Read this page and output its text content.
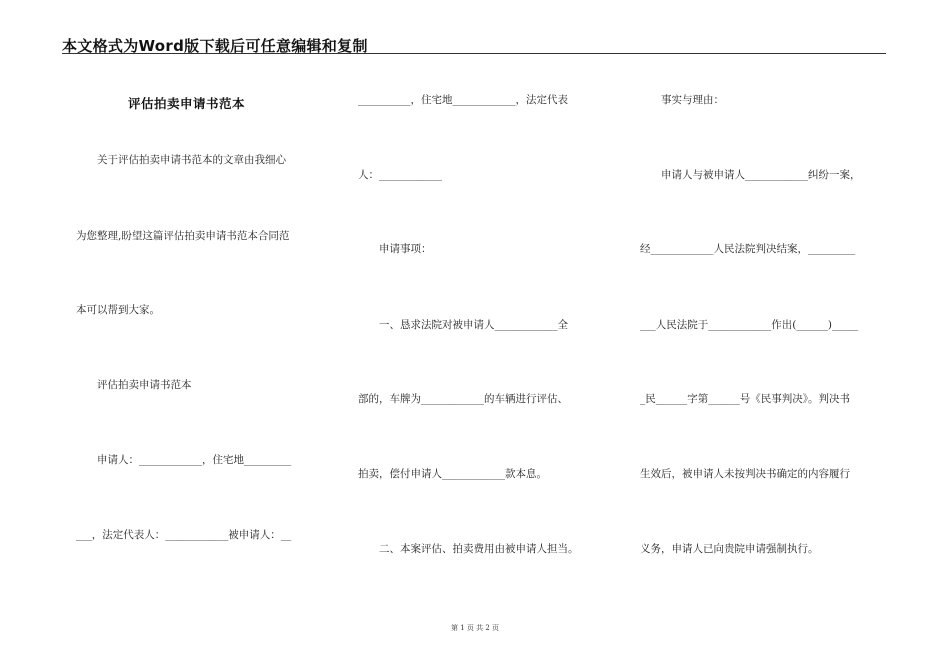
本文格式为Word版下载后可任意编辑和复制
评估拍卖申请书范本
　　关于评估拍卖申请书范本的文章由我细心
为您整理,盼望这篇评估拍卖申请书范本合同范
本可以帮到大家。
　　评估拍卖申请书范本
　　申请人：____________，住宅地_________
___，法定代表人：____________被申请人：__
__________，住宅地____________，法定代表
人：____________
　　申请事项：
　　一、恳求法院对被申请人____________全
部的，车牌为____________的车辆进行评估、
拍卖，偿付申请人____________款本息。
　　二、本案评估、拍卖费用由被申请人担当。
　　事实与理由：
　　申请人与被申请人____________纠纷一案，
经____________人民法院判决结案，_________
___人民法院于____________作出(______)_____
_民______字第______号《民事判决》。判决书
生效后，被申请人未按判决书确定的内容履行
义务，申请人已向贵院申请强制执行。
第 1 页 共 2 页
